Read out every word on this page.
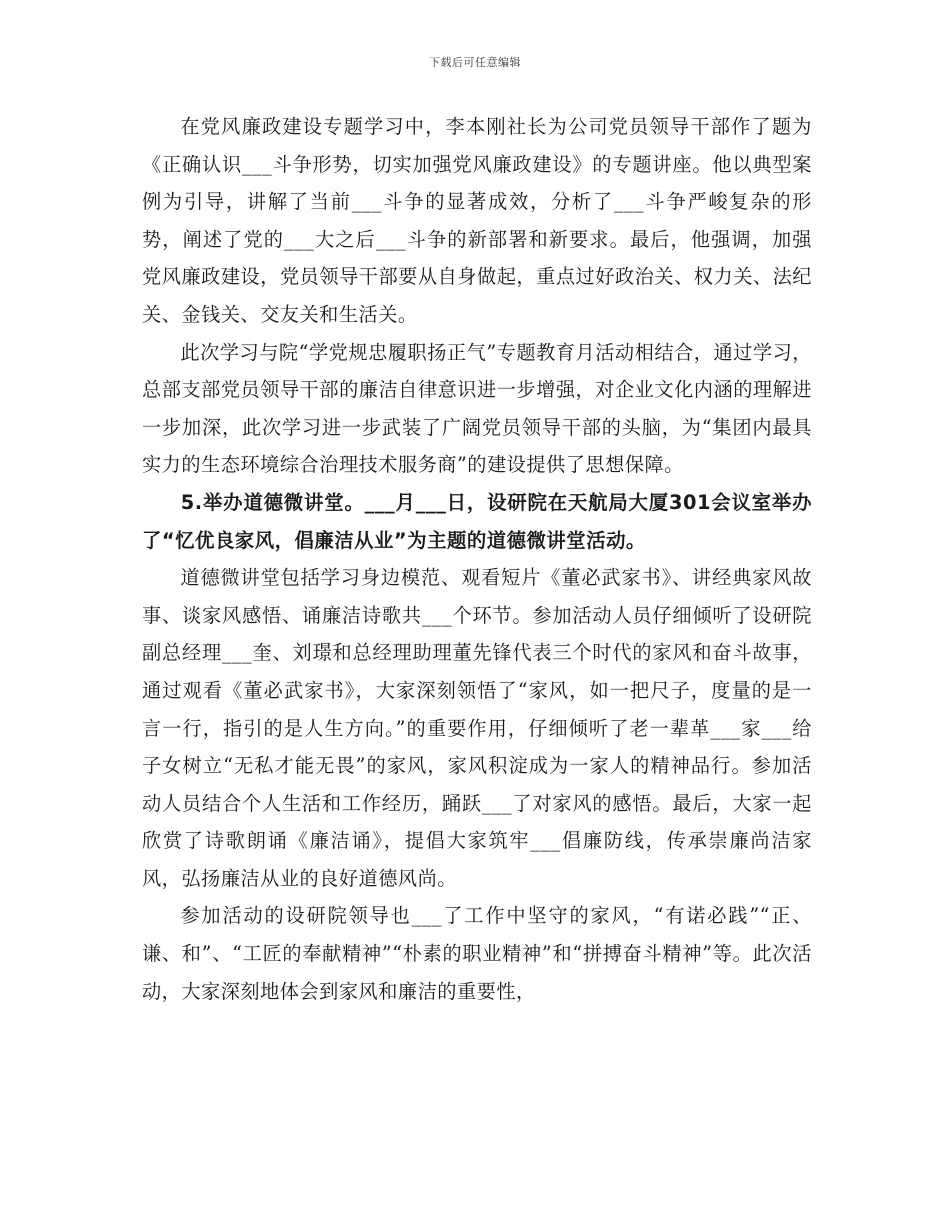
下载后可任意编辑

在党风廉政建设专题学习中，李本刚社长为公司党员领导干部作了题为《正确认识___斗争形势，切实加强党风廉政建设》的专题讲座。他以典型案例为引导，讲解了当前___斗争的显著成效，分析了___斗争严峻复杂的形势，阐述了党的___大之后___斗争的新部署和新要求。最后，他强调，加强党风廉政建设，党员领导干部要从自身做起，重点过好政治关、权力关、法纪关、金钱关、交友关和生活关。

此次学习与院“学党规忠履职扬正气”专题教育月活动相结合，通过学习，总部支部党员领导干部的廉洁自律意识进一步增强，对企业文化内涵的理解进一步加深，此次学习进一步武装了广阔党员领导干部的头脑，为“集团内最具实力的生态环境综合治理技术服务商”的建设提供了思想保障。

5.举办道德微讲堂。___月___日，设研院在天航局大厦301会议室举办了“忆优良家风，倡廉洁从业”为主题的道德微讲堂活动。

道德微讲堂包括学习身边模范、观看短片《董必武家书》、讲经典家风故事、谈家风感悟、诵廉洁诗歌共___个环节。参加活动人员仔细倾听了设研院副总经理___奎、刘璟和总经理助理董先锋代表三个时代的家风和奋斗故事，通过观看《董必武家书》，大家深刻领悟了“家风，如一把尺子，度量的是一言一行，指引的是人生方向。”的重要作用，仔细倾听了老一辈革___家___给子女树立“无私才能无畏”的家风，家风积淀成为一家人的精神品行。参加活动人员结合个人生活和工作经历，踊跃___了对家风的感悟。最后，大家一起欣赏了诗歌朗诵《廉洁诵》，提倡大家筑牢___倡廉防线，传承崇廉尚洁家风，弘扬廉洁从业的良好道德风尚。

参加活动的设研院领导也___了工作中坚守的家风，“有诺必践”“正、谦、和”、“工匠的奉献精神”“朴素的职业精神”和“拼搏奋斗精神”等。此次活动，大家深刻地体会到家风和廉洁的重要性，
